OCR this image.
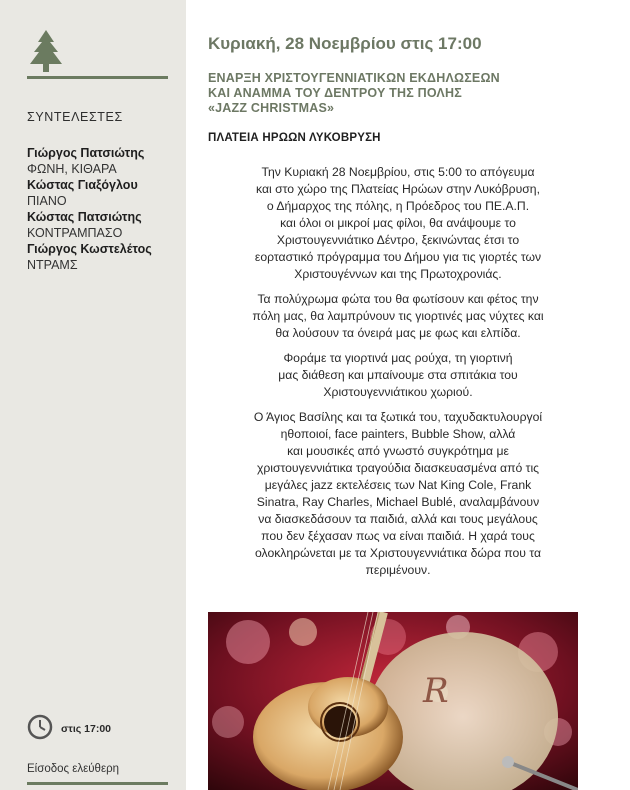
ΣΥΝΤΕΛΕΣΤΕΣ
Γιώργος Πατσιώτης
ΦΩΝΗ, ΚΙΘΑΡΑ
Κώστας Γιαξόγλου
ΠΙΑΝΟ
Κώστας Πατσιώτης
ΚΟΝΤΡΑΜΠΑΣΟ
Γιώργος Κωστελέτος
ΝΤΡΑΜΣ
στις 17:00
Είσοδος ελεύθερη
Κυριακή, 28 Νοεμβρίου στις 17:00
ΕΝΑΡΞΗ ΧΡΙΣΤΟΥΓΕΝΝΙΑΤΙΚΩΝ ΕΚΔΗΛΩΣΕΩΝ
ΚΑΙ ΑΝΑΜΜΑ ΤΟΥ ΔΕΝΤΡΟΥ ΤΗΣ ΠΟΛΗΣ
«JAZZ CHRISTMAS»
ΠΛΑΤΕΙΑ ΗΡΩΩΝ ΛΥΚΟΒΡΥΣΗ

Την Κυριακή 28 Νοεμβρίου, στις 5:00 το απόγευμα
και στο χώρο της Πλατείας Ηρώων στην Λυκόβρυση,
ο Δήμαρχος της πόλης, η Πρόεδρος του ΠΕ.Α.Π.
και όλοι οι μικροί μας φίλοι, θα ανάψουμε το
Χριστουγεννιάτικο Δέντρο, ξεκινώντας έτσι το
εορταστικό πρόγραμμα του Δήμου για τις γιορτές των
Χριστουγέννων και της Πρωτοχρονιάς.

Τα πολύχρωμα φώτα του θα φωτίσουν και φέτος την
πόλη μας, θα λαμπρύνουν τις γιορτινές μας νύχτες και
θα λούσουν τα όνειρά μας με φως και ελπίδα.

Φοράμε τα γιορτινά μας ρούχα, τη γιορτινή
μας διάθεση και μπαίνουμε στα σπιτάκια του
Χριστουγεννιάτικου χωριού.

Ο Άγιος Βασίλης και τα ξωτικά του, ταχυδακτυλουργοί
ηθοποιοί, face painters, Bubble Show, αλλά
και μουσικές από γνωστό συγκρότημα με
χριστουγεννιάτικα τραγούδια διασκευασμένα από τις
μεγάλες jazz εκτελέσεις των Nat King Cole, Frank
Sinatra, Ray Charles, Michael Bublé, αναλαμβάνουν
να διασκεδάσουν τα παιδιά, αλλά και τους μεγάλους
που δεν ξέχασαν πως να είναι παιδιά. Η χαρά τους
ολοκληρώνεται με τα Χριστουγεννιάτικα δώρα που τα
περιμένουν.

R
